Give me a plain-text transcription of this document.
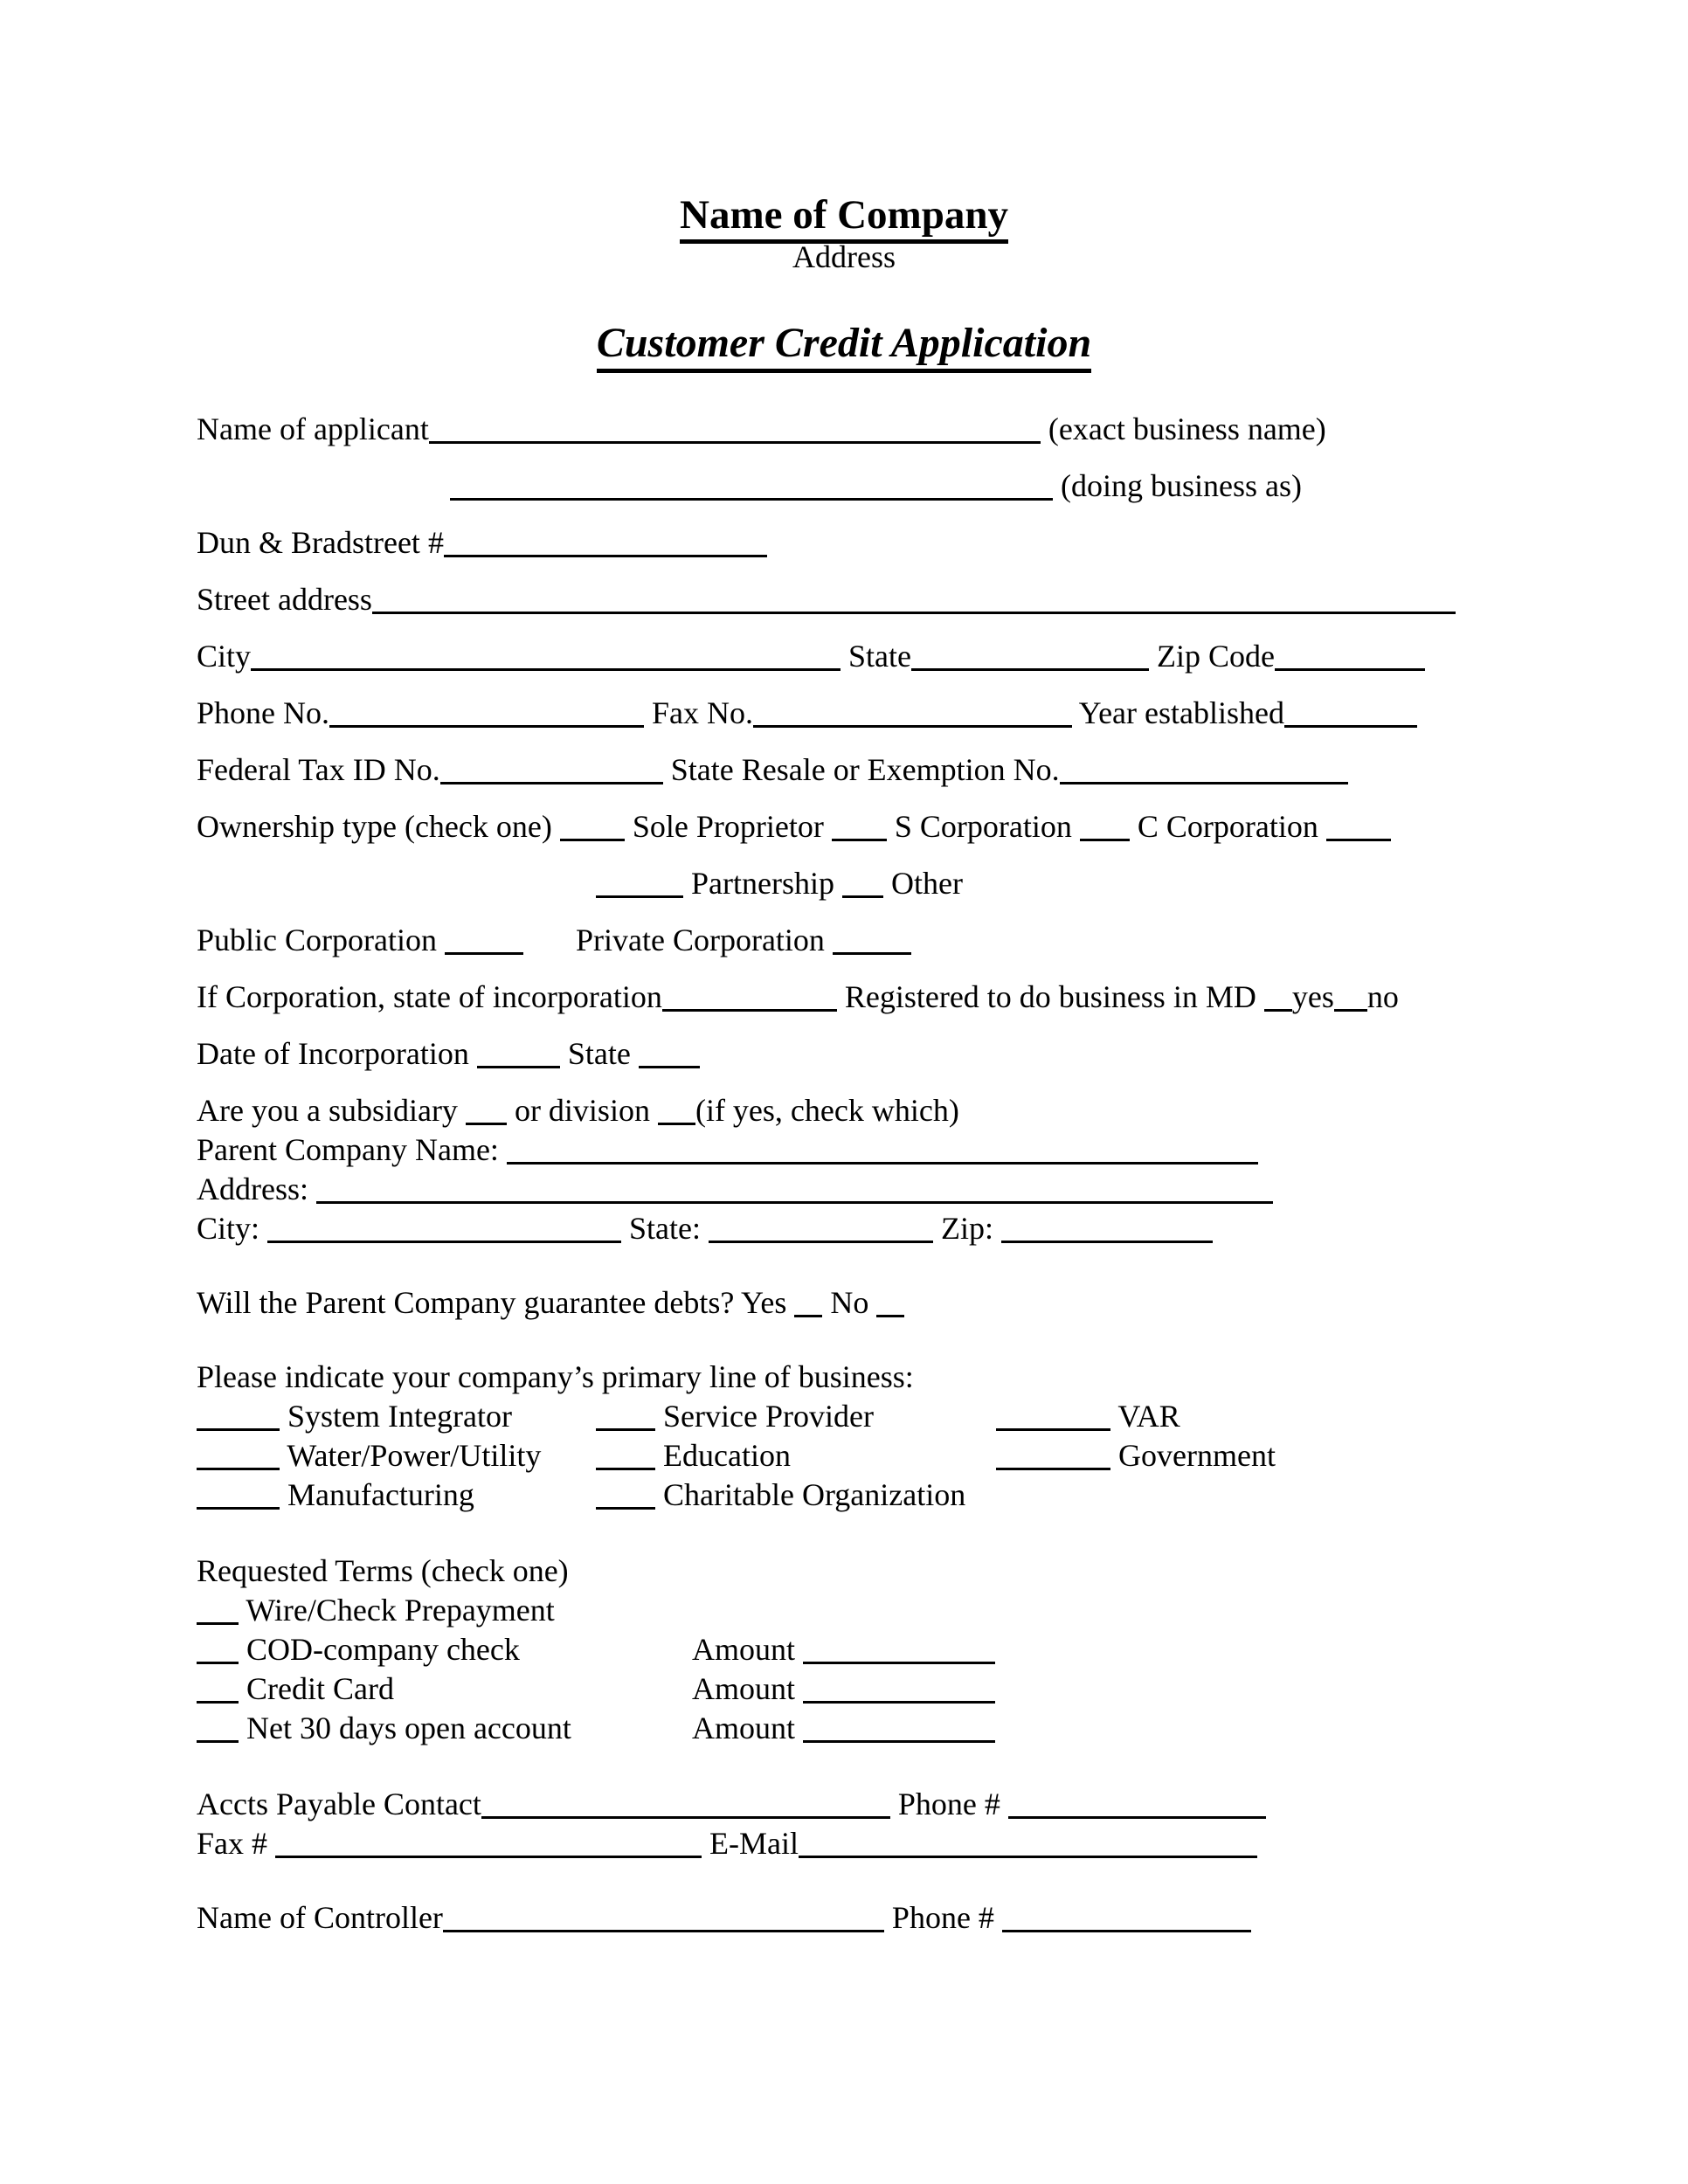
Name of Company
Address
Customer Credit Application
Name of applicant	(exact business name)
(doing business as)
Dun & Bradstreet #
Street address
City	State	Zip Code
Phone No.	Fax No.	Year established
Federal Tax ID No.	State Resale or Exemption No.
Ownership type (check one)	Sole Proprietor S Corporation C Corporation
Partnership Other
Public Corporation	Private Corporation
If Corporation, state of incorporation	Registered to do business in MD yes no
Date of Incorporation	State
Are you a subsidiary or division (if yes, check which)
Parent Company Name:
Address:
City:	State:	Zip:
Will the Parent Company guarantee debts? Yes No
Please indicate your company’s primary line of business:
System Integrator	Service Provider	VAR
Water/Power/Utility	Education	Government
Manufacturing	Charitable Organization
Requested Terms (check one)
Wire/Check Prepayment
COD-company check	Amount
Credit Card	Amount
Net 30 days open account	Amount
Accts Payable Contact	Phone #
Fax #	E-Mail
Name of Controller	Phone #
